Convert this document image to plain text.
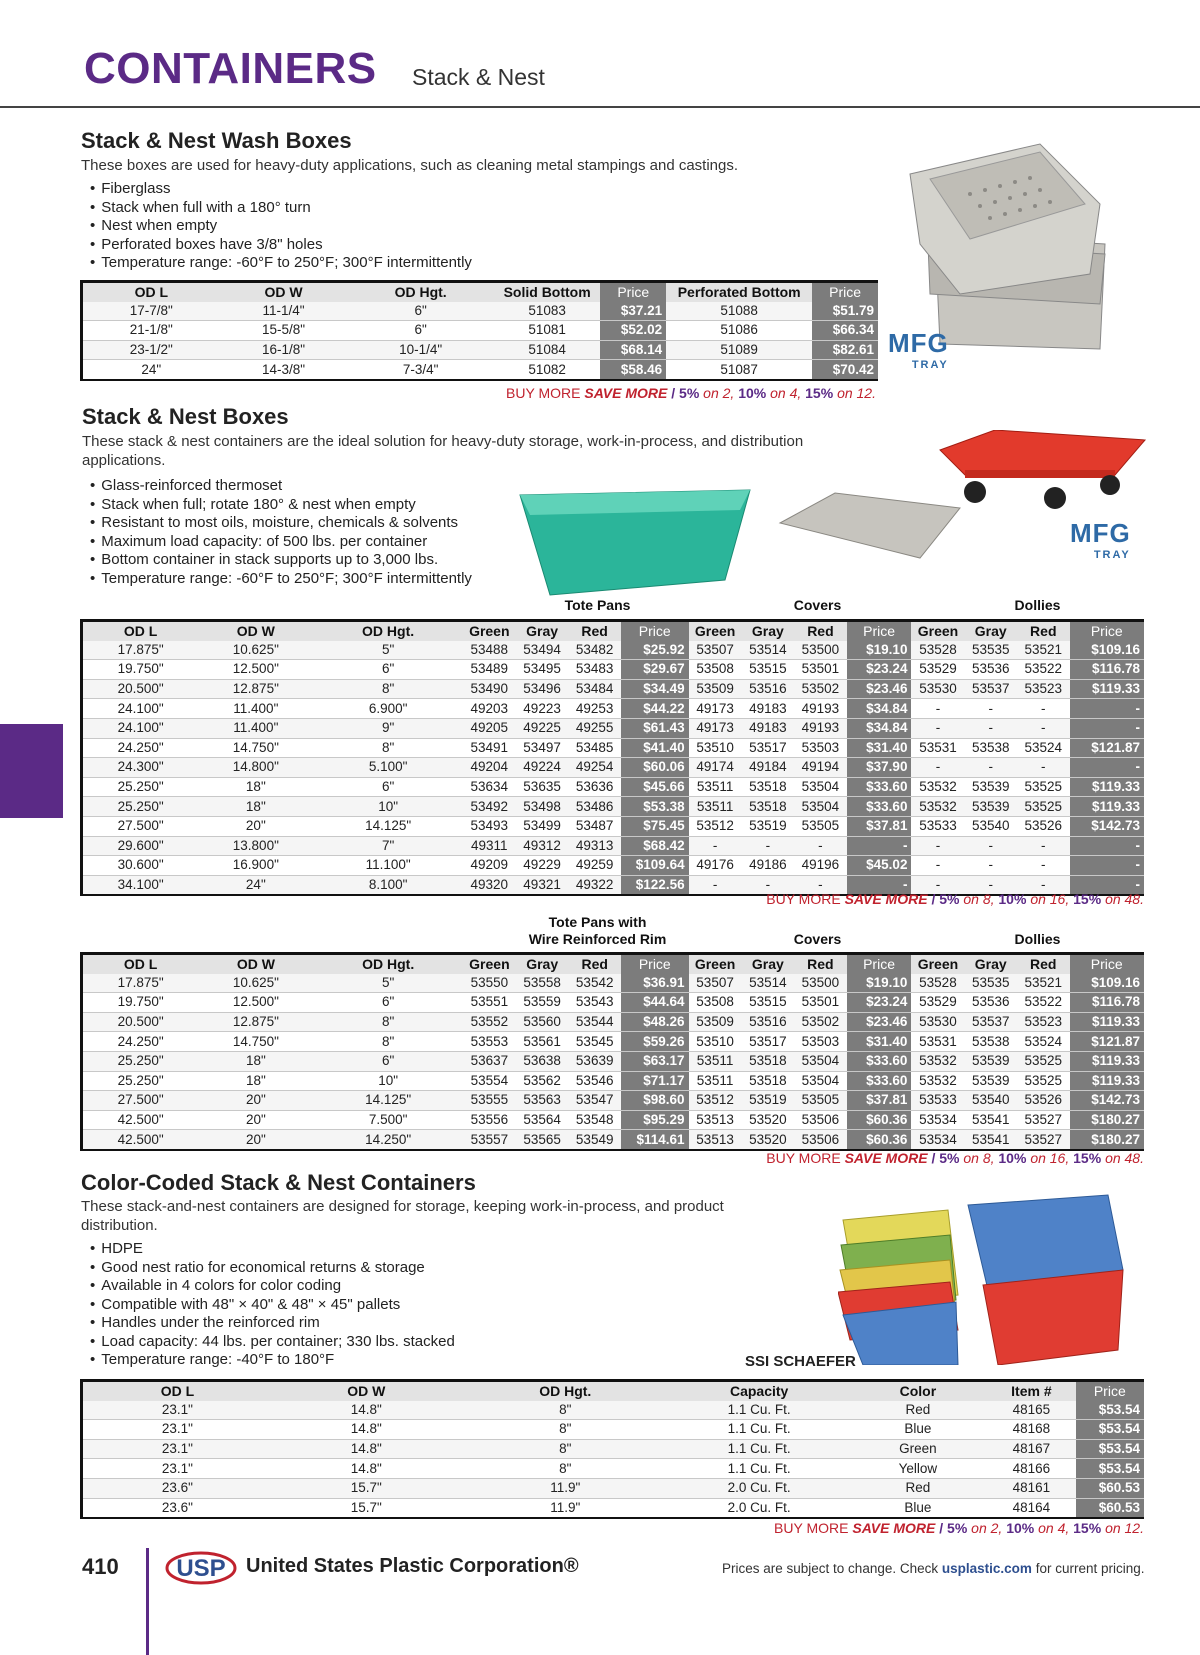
CONTAINERS Stack & Nest
Stack & Nest Wash Boxes
These boxes are used for heavy-duty applications, such as cleaning metal stampings and castings.
• Fiberglass
• Stack when full with a 180° turn
• Nest when empty
• Perforated boxes have 3/8" holes
• Temperature range: -60°F to 250°F; 300°F intermittently
MFG
TRAY
OD L	OD W	OD Hgt.	Solid Bottom	Price	Perforated Bottom	Price
17-7/8"	11-1/4"	6"	51083	$37.21	51088	$51.79
21-1/8"	15-5/8"	6"	51081	$52.02	51086	$66.34
23-1/2"	16-1/8"	10-1/4"	51084	$68.14	51089	$82.61
24"	14-3/8"	7-3/4"	51082	$58.46	51087	$70.42
BUY MORE SAVE MORE / 5% on 2, 10% on 4, 15% on 12.
Stack & Nest Boxes
These stack & nest containers are the ideal solution for heavy-duty storage, work-in-process, and distribution applications.
• Glass-reinforced thermoset
• Stack when full; rotate 180° & nest when empty
• Resistant to most oils, moisture, chemicals & solvents
• Maximum load capacity: of 500 lbs. per container
• Bottom container in stack supports up to 3,000 lbs.
• Temperature range: -60°F to 250°F; 300°F intermittently
MFG
TRAY
Tote Pans	Covers	Dollies
OD L	OD W	OD Hgt.	Green	Gray	Red	Price	Green	Gray	Red	Price	Green	Gray	Red	Price
17.875"	10.625"	5"	53488	53494	53482	$25.92	53507	53514	53500	$19.10	53528	53535	53521	$109.16
19.750"	12.500"	6"	53489	53495	53483	$29.67	53508	53515	53501	$23.24	53529	53536	53522	$116.78
20.500"	12.875"	8"	53490	53496	53484	$34.49	53509	53516	53502	$23.46	53530	53537	53523	$119.33
24.100"	11.400"	6.900"	49203	49223	49253	$44.22	49173	49183	49193	$34.84	-	-	-	-
24.100"	11.400"	9"	49205	49225	49255	$61.43	49173	49183	49193	$34.84	-	-	-	-
24.250"	14.750"	8"	53491	53497	53485	$41.40	53510	53517	53503	$31.40	53531	53538	53524	$121.87
24.300"	14.800"	5.100"	49204	49224	49254	$60.06	49174	49184	49194	$37.90	-	-	-	-
25.250"	18"	6"	53634	53635	53636	$45.66	53511	53518	53504	$33.60	53532	53539	53525	$119.33
25.250"	18"	10"	53492	53498	53486	$53.38	53511	53518	53504	$33.60	53532	53539	53525	$119.33
27.500"	20"	14.125"	53493	53499	53487	$75.45	53512	53519	53505	$37.81	53533	53540	53526	$142.73
29.600"	13.800"	7"	49311	49312	49313	$68.42	-	-	-	-	-	-	-	-
30.600"	16.900"	11.100"	49209	49229	49259	$109.64	49176	49186	49196	$45.02	-	-	-	-
34.100"	24"	8.100"	49320	49321	49322	$122.56	-	-	-	-	-	-	-	-
BUY MORE SAVE MORE / 5% on 8, 10% on 16, 15% on 48.
Tote Pans with
Wire Reinforced Rim	Covers	Dollies
OD L	OD W	OD Hgt.	Green	Gray	Red	Price	Green	Gray	Red	Price	Green	Gray	Red	Price
17.875"	10.625"	5"	53550	53558	53542	$36.91	53507	53514	53500	$19.10	53528	53535	53521	$109.16
19.750"	12.500"	6"	53551	53559	53543	$44.64	53508	53515	53501	$23.24	53529	53536	53522	$116.78
20.500"	12.875"	8"	53552	53560	53544	$48.26	53509	53516	53502	$23.46	53530	53537	53523	$119.33
24.250"	14.750"	8"	53553	53561	53545	$59.26	53510	53517	53503	$31.40	53531	53538	53524	$121.87
25.250"	18"	6"	53637	53638	53639	$63.17	53511	53518	53504	$33.60	53532	53539	53525	$119.33
25.250"	18"	10"	53554	53562	53546	$71.17	53511	53518	53504	$33.60	53532	53539	53525	$119.33
27.500"	20"	14.125"	53555	53563	53547	$98.60	53512	53519	53505	$37.81	53533	53540	53526	$142.73
42.500"	20"	7.500"	53556	53564	53548	$95.29	53513	53520	53506	$60.36	53534	53541	53527	$180.27
42.500"	20"	14.250"	53557	53565	53549	$114.61	53513	53520	53506	$60.36	53534	53541	53527	$180.27
BUY MORE SAVE MORE / 5% on 8, 10% on 16, 15% on 48.
Color-Coded Stack & Nest Containers
These stack-and-nest containers are designed for storage, keeping work-in-process, and product distribution.
• HDPE
• Good nest ratio for economical returns & storage
• Available in 4 colors for color coding
• Compatible with 48" × 40" & 48" × 45" pallets
• Handles under the reinforced rim
• Load capacity: 44 lbs. per container; 330 lbs. stacked
• Temperature range: -40°F to 180°F	SSI SCHAEFER
OD L	OD W	OD Hgt.	Capacity	Color	Item #	Price
23.1"	14.8"	8"	1.1 Cu. Ft.	Red	48165	$53.54
23.1"	14.8"	8"	1.1 Cu. Ft.	Blue	48168	$53.54
23.1"	14.8"	8"	1.1 Cu. Ft.	Green	48167	$53.54
23.1"	14.8"	8"	1.1 Cu. Ft.	Yellow	48166	$53.54
23.6"	15.7"	11.9"	2.0 Cu. Ft.	Red	48161	$60.53
23.6"	15.7"	11.9"	2.0 Cu. Ft.	Blue	48164	$60.53
BUY MORE SAVE MORE / 5% on 2, 10% on 4, 15% on 12.
410 USP United States Plastic Corporation®	Prices are subject to change. Check usplastic.com for current pricing.
